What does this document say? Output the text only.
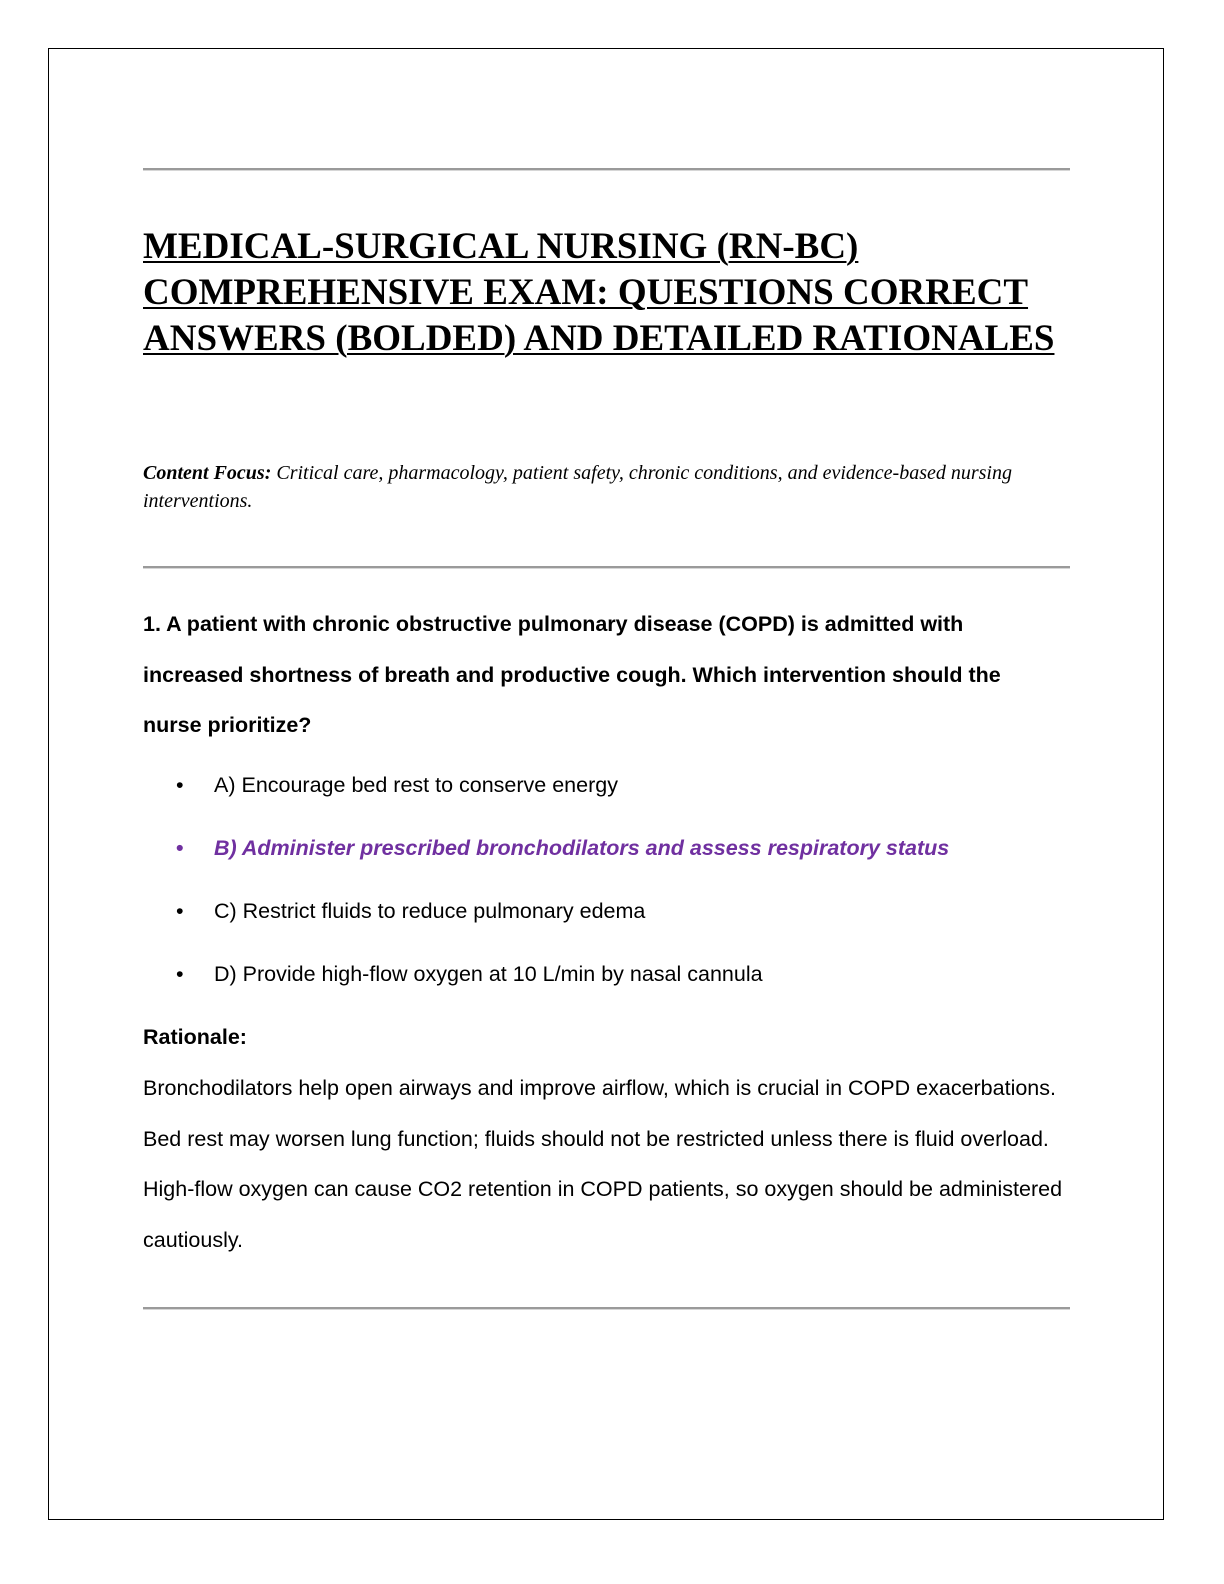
MEDICAL-SURGICAL NURSING (RN-BC) COMPREHENSIVE EXAM: QUESTIONS CORRECT ANSWERS (BOLDED) AND DETAILED RATIONALES

Content Focus: Critical care, pharmacology, patient safety, chronic conditions, and evidence-based nursing interventions.

1. A patient with chronic obstructive pulmonary disease (COPD) is admitted with increased shortness of breath and productive cough. Which intervention should the nurse prioritize?

• A) Encourage bed rest to conserve energy
• B) Administer prescribed bronchodilators and assess respiratory status
• C) Restrict fluids to reduce pulmonary edema
• D) Provide high-flow oxygen at 10 L/min by nasal cannula

Rationale:

Bronchodilators help open airways and improve airflow, which is crucial in COPD exacerbations. Bed rest may worsen lung function; fluids should not be restricted unless there is fluid overload. High-flow oxygen can cause CO2 retention in COPD patients, so oxygen should be administered cautiously.
